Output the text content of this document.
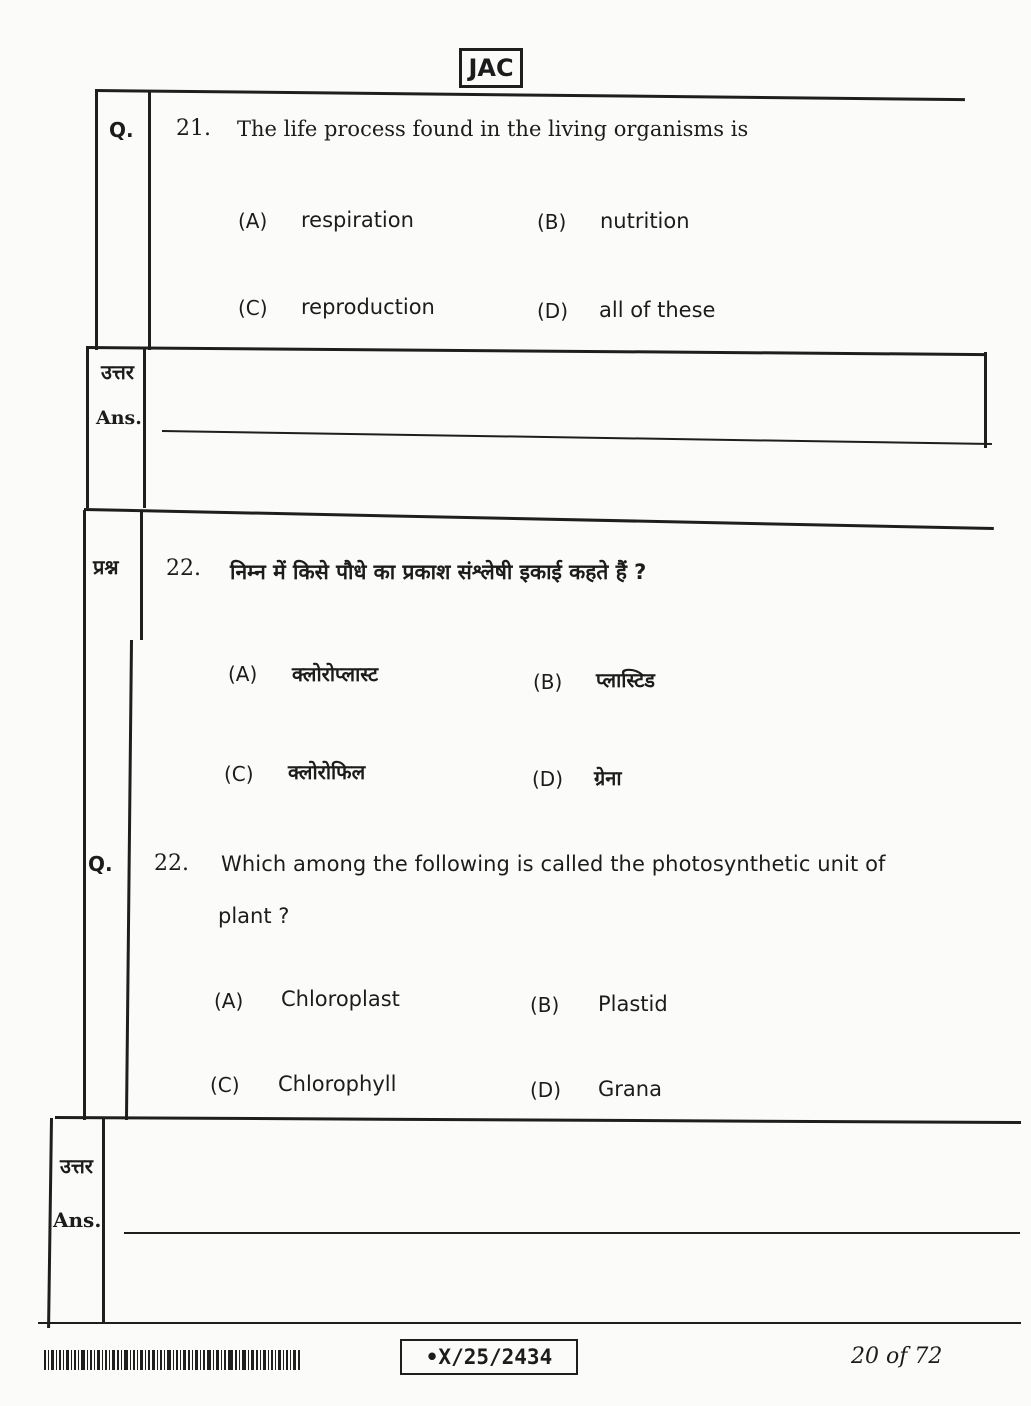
JAC
Q. 21. The life process found in the living organisms is
(A) respiration	(B) nutrition
(C) reproduction	(D) all of these
उत्तर
Ans.
प्रश्न 22. निम्न में किसे पौधे का प्रकाश संश्लेषी इकाई कहते हैं ?
(A) क्लोरोप्लास्ट	(B) प्लास्टिड
(C) क्लोरोफिल	(D) ग्रेना
Q. 22. Which among the following is called the photosynthetic unit of
plant ?
(A) Chloroplast	(B) Plastid
(C) Chlorophyll	(D) Grana
उत्तर
Ans.
•X/25/2434	20 of 72
